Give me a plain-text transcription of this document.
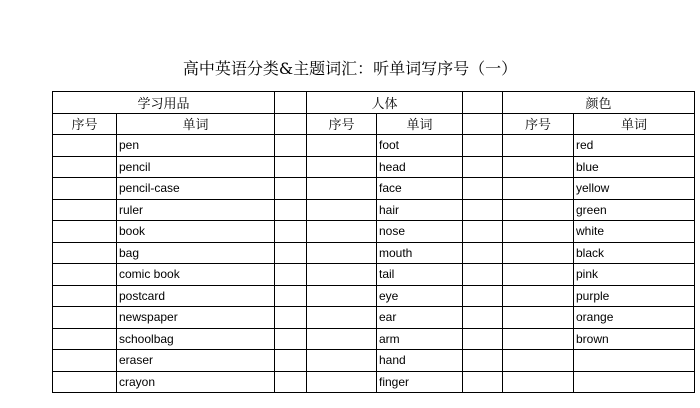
高中英语分类&主题词汇：听单词写序号（一）
学习用品			人体			颜色	
序号	单词		序号	单词		序号	单词
	pen			foot			red
	pencil			head			blue
	pencil-case			face			yellow
	ruler			hair			green
	book			nose			white
	bag			mouth			black
	comic book			tail			pink
	postcard			eye			purple
	newspaper			ear			orange
	schoolbag			arm			brown
	eraser			hand			
	crayon			finger			
